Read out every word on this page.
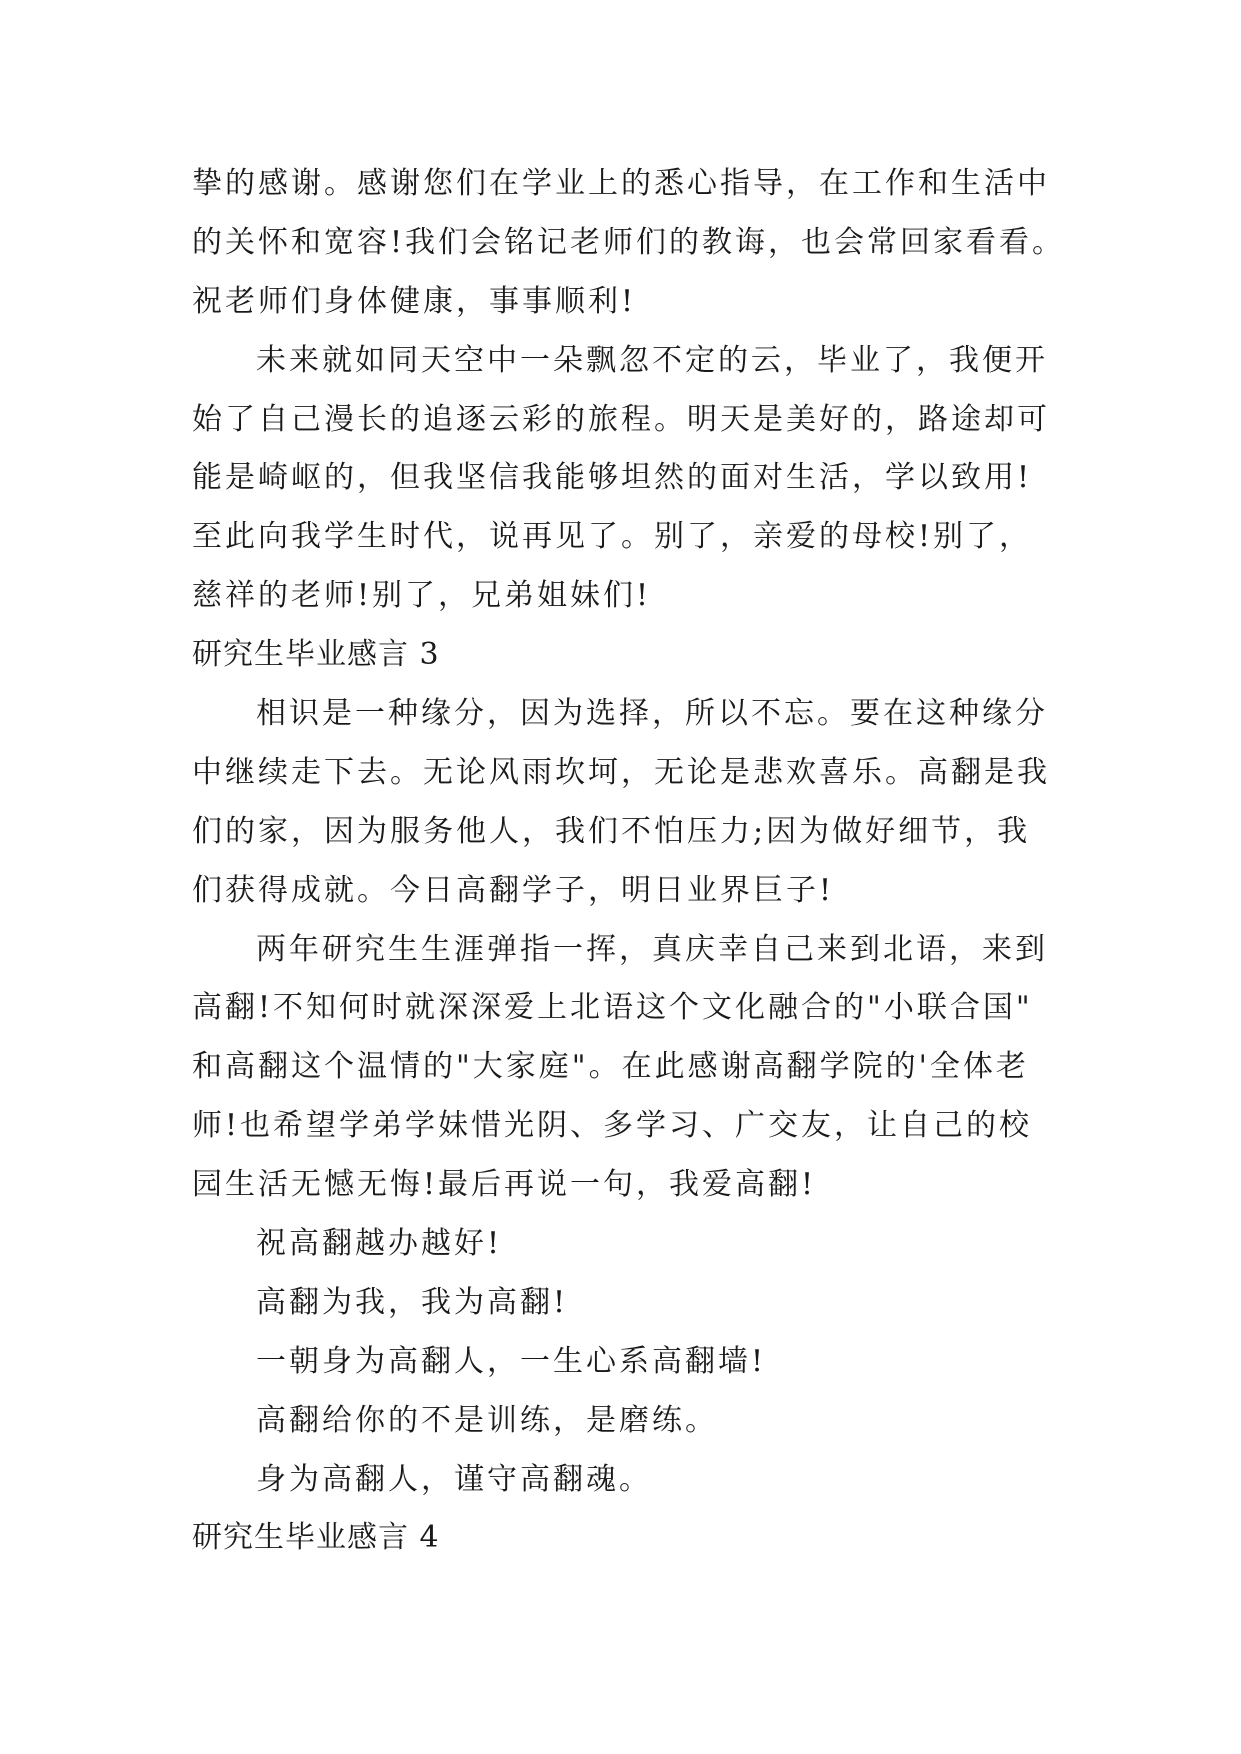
挚的感谢。感谢您们在学业上的悉心指导，在工作和生活中
的关怀和宽容!我们会铭记老师们的教诲，也会常回家看看。
祝老师们身体健康，事事顺利!
未来就如同天空中一朵飘忽不定的云，毕业了，我便开
始了自己漫长的追逐云彩的旅程。明天是美好的，路途却可
能是崎岖的，但我坚信我能够坦然的面对生活，学以致用!
至此向我学生时代，说再见了。别了，亲爱的母校!别了，
慈祥的老师!别了，兄弟姐妹们!
研究生毕业感言 3
相识是一种缘分，因为选择，所以不忘。要在这种缘分
中继续走下去。无论风雨坎坷，无论是悲欢喜乐。高翻是我
们的家，因为服务他人，我们不怕压力;因为做好细节，我
们获得成就。今日高翻学子，明日业界巨子!
两年研究生生涯弹指一挥，真庆幸自己来到北语，来到
高翻!不知何时就深深爱上北语这个文化融合的"小联合国"
和高翻这个温情的"大家庭"。在此感谢高翻学院的'全体老
师!也希望学弟学妹惜光阴、多学习、广交友，让自己的校
园生活无憾无悔!最后再说一句，我爱高翻!
祝高翻越办越好!
高翻为我，我为高翻!
一朝身为高翻人，一生心系高翻墙!
高翻给你的不是训练，是磨练。
身为高翻人，谨守高翻魂。
研究生毕业感言 4
